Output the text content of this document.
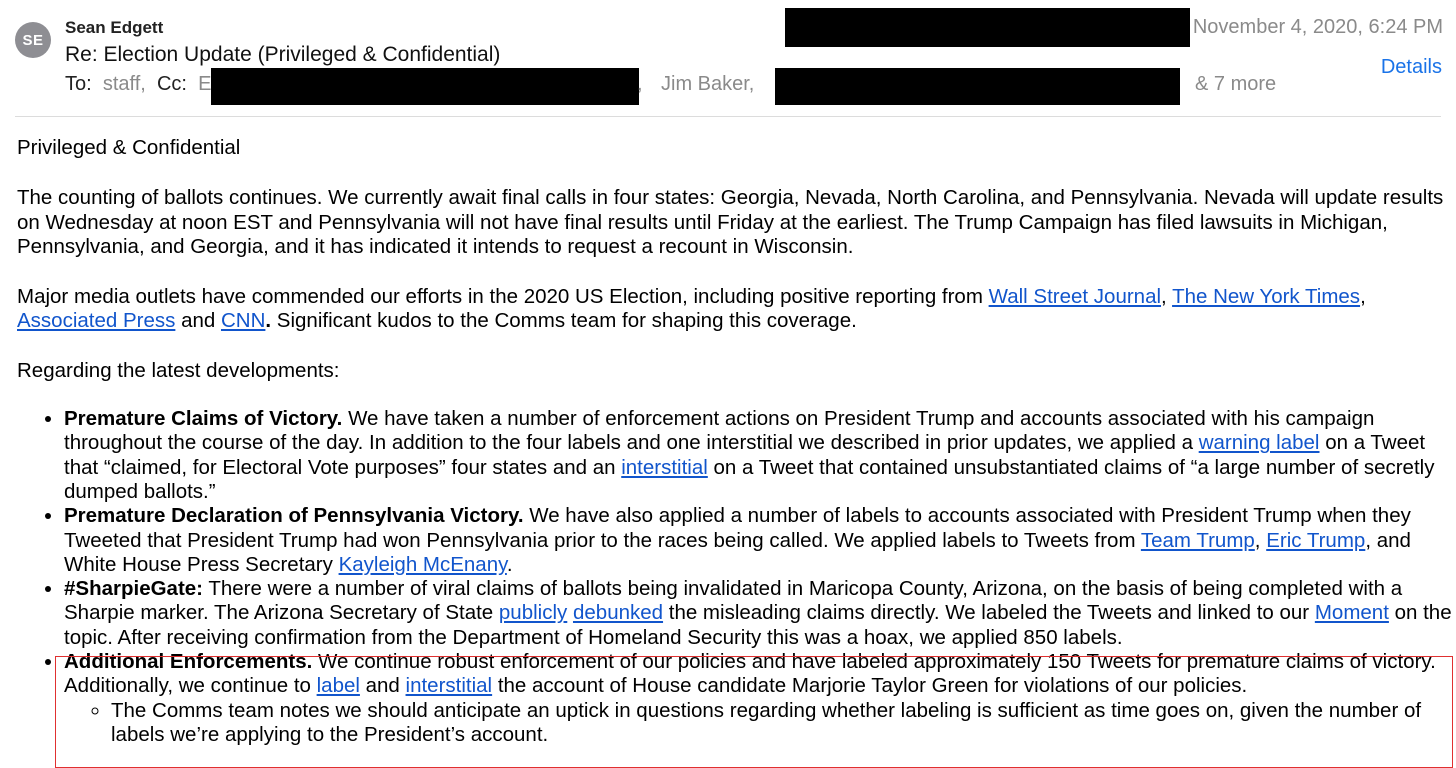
SE
Sean Edgett
Re: Election Update (Privileged & Confidential)
To: staff, Cc: E	, Jim Baker,	& 7 more
November 4, 2020, 6:24 PM
Details

Privileged & Confidential

The counting of ballots continues. We currently await final calls in four states: Georgia, Nevada, North Carolina, and Pennsylvania. Nevada will update results on Wednesday at noon EST and Pennsylvania will not have final results until Friday at the earliest. The Trump Campaign has filed lawsuits in Michigan, Pennsylvania, and Georgia, and it has indicated it intends to request a recount in Wisconsin.

Major media outlets have commended our efforts in the 2020 US Election, including positive reporting from Wall Street Journal, The New York Times, Associated Press and CNN. Significant kudos to the Comms team for shaping this coverage.

Regarding the latest developments:

• Premature Claims of Victory. We have taken a number of enforcement actions on President Trump and accounts associated with his campaign throughout the course of the day. In addition to the four labels and one interstitial we described in prior updates, we applied a warning label on a Tweet that “claimed, for Electoral Vote purposes” four states and an interstitial on a Tweet that contained unsubstantiated claims of “a large number of secretly dumped ballots.”
• Premature Declaration of Pennsylvania Victory. We have also applied a number of labels to accounts associated with President Trump when they Tweeted that President Trump had won Pennsylvania prior to the races being called. We applied labels to Tweets from Team Trump, Eric Trump, and White House Press Secretary Kayleigh McEnany.
• #SharpieGate: There were a number of viral claims of ballots being invalidated in Maricopa County, Arizona, on the basis of being completed with a Sharpie marker. The Arizona Secretary of State publicly debunked the misleading claims directly. We labeled the Tweets and linked to our Moment on the topic. After receiving confirmation from the Department of Homeland Security this was a hoax, we applied 850 labels.
• Additional Enforcements. We continue robust enforcement of our policies and have labeled approximately 150 Tweets for premature claims of victory. Additionally, we continue to label and interstitial the account of House candidate Marjorie Taylor Green for violations of our policies.
◦ The Comms team notes we should anticipate an uptick in questions regarding whether labeling is sufficient as time goes on, given the number of labels we’re applying to the President’s account.
